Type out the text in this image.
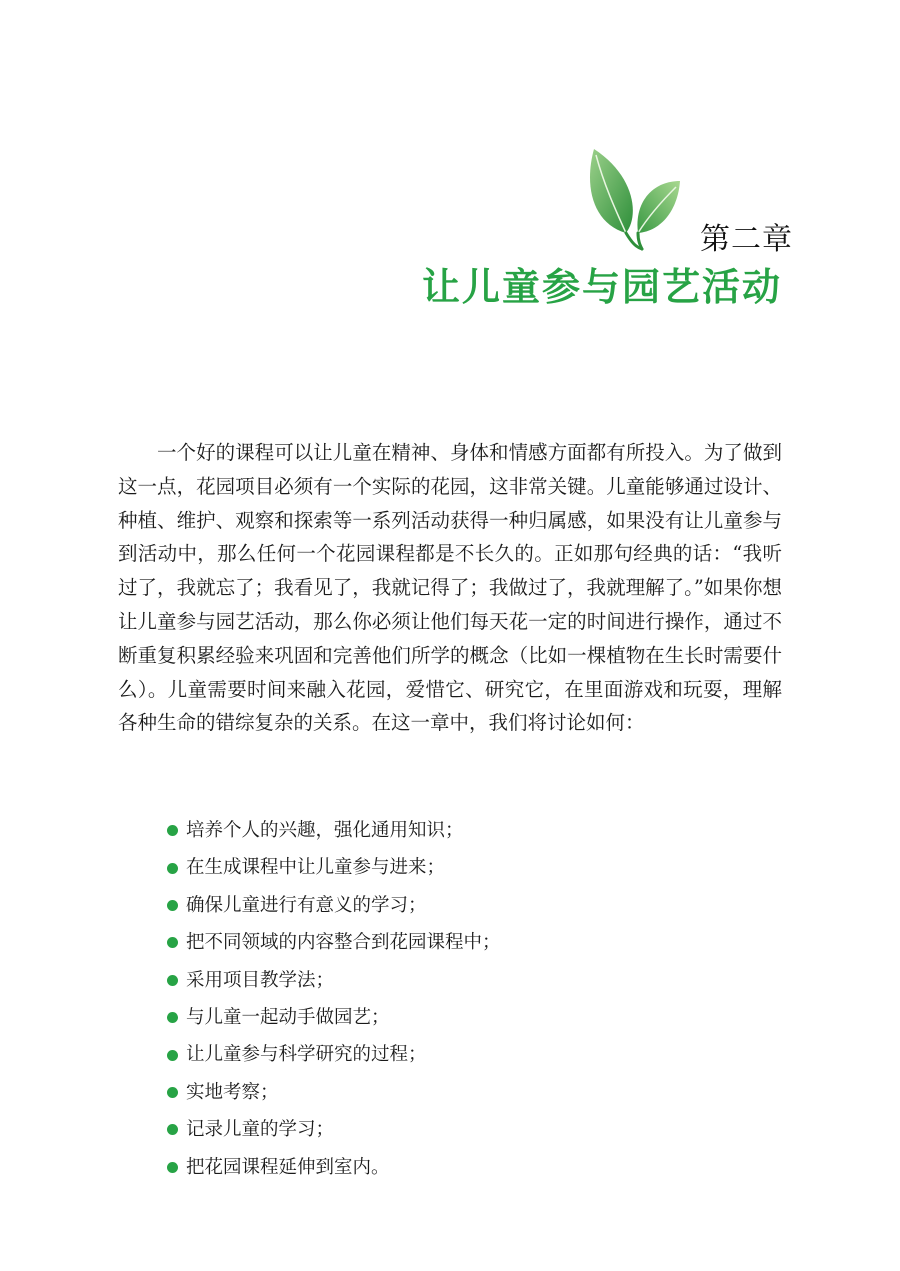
第二章
让儿童参与园艺活动

一个好的课程可以让儿童在精神、身体和情感方面都有所投入。为了做到这一点，花园项目必须有一个实际的花园，这非常关键。儿童能够通过设计、种植、维护、观察和探索等一系列活动获得一种归属感，如果没有让儿童参与到活动中，那么任何一个花园课程都是不长久的。正如那句经典的话：“我听过了，我就忘了；我看见了，我就记得了；我做过了，我就理解了。”如果你想让儿童参与园艺活动，那么你必须让他们每天花一定的时间进行操作，通过不断重复积累经验来巩固和完善他们所学的概念（比如一棵植物在生长时需要什么）。儿童需要时间来融入花园，爱惜它、研究它，在里面游戏和玩耍，理解各种生命的错综复杂的关系。在这一章中，我们将讨论如何：

培养个人的兴趣，强化通用知识；
在生成课程中让儿童参与进来；
确保儿童进行有意义的学习；
把不同领域的内容整合到花园课程中；
采用项目教学法；
与儿童一起动手做园艺；
让儿童参与科学研究的过程；
实地考察；
记录儿童的学习；
把花园课程延伸到室内。
